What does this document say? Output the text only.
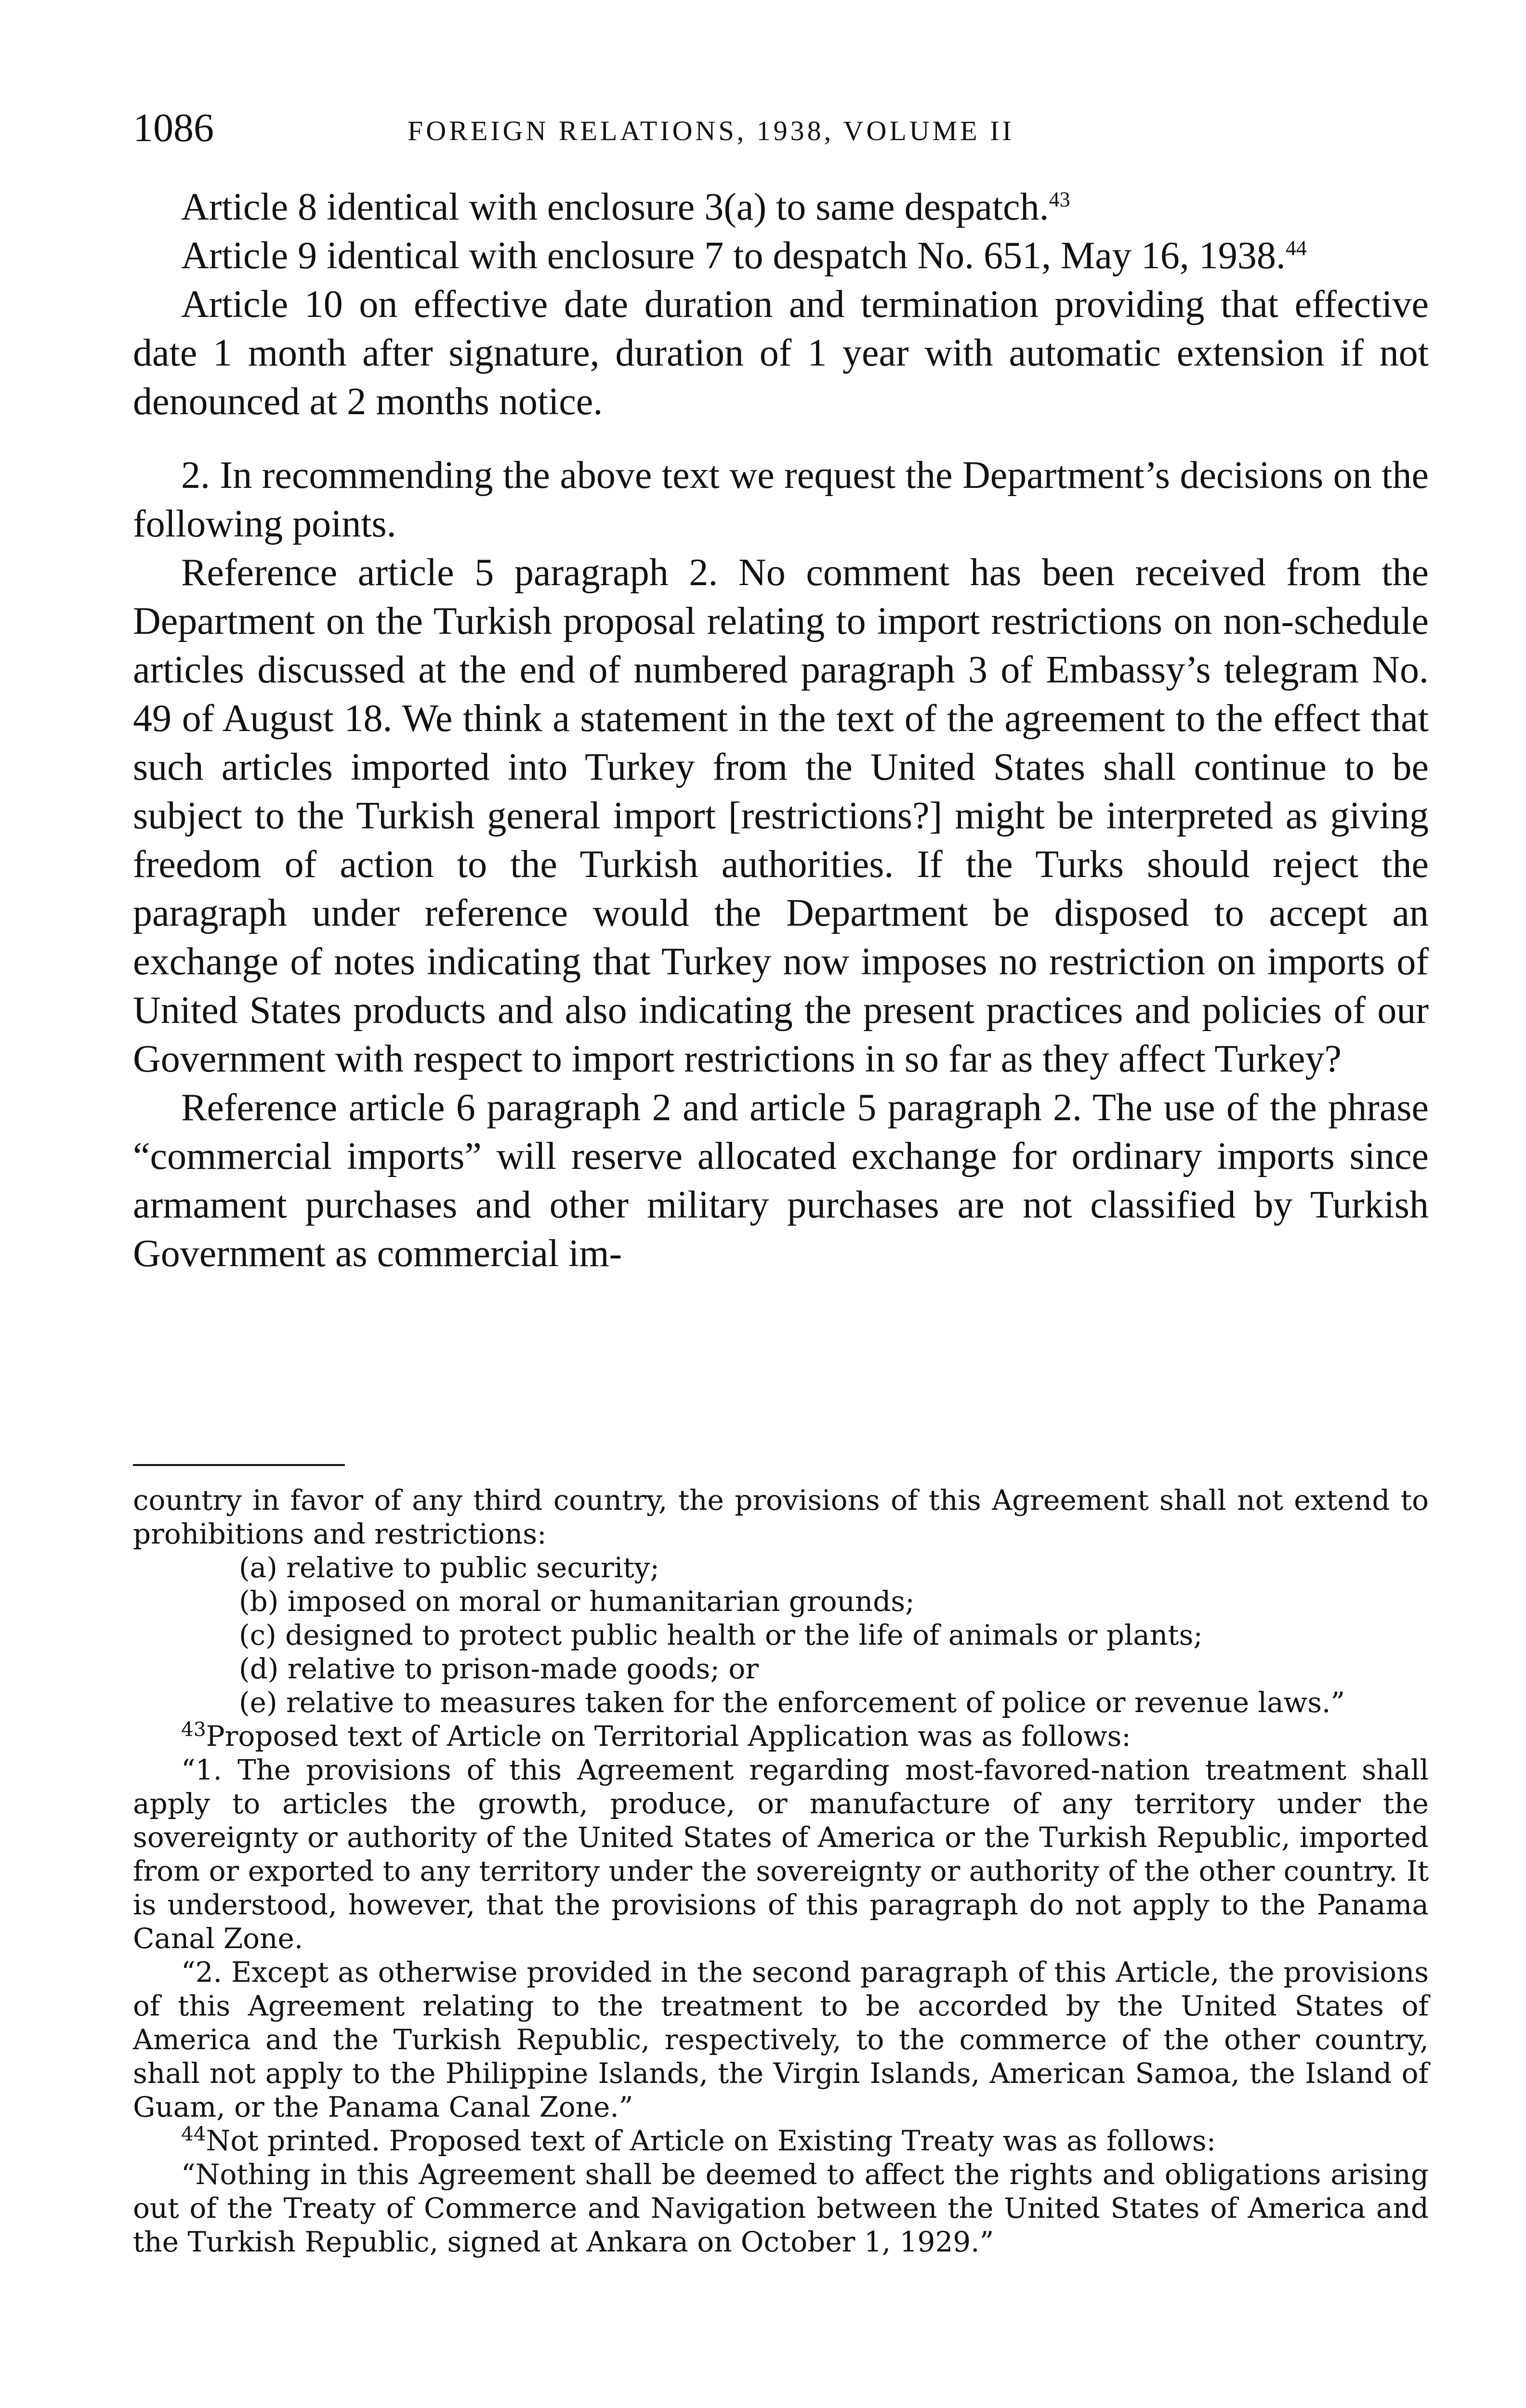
1086	FOREIGN RELATIONS, 1938, VOLUME II

Article 8 identical with enclosure 3(a) to same despatch.$^{43}$

Article 9 identical with enclosure 7 to despatch No. 651, May 16, 1938.44

Article 10 on effective date duration and termination providing that effective date 1 month after signature, duration of 1 year with automatic extension if not denounced at 2 months notice.

2. In recommending the above text we request the Department’s decisions on the following points.

Reference article 5 paragraph 2. No comment has been received from the Department on the Turkish proposal relating to import restrictions on non-schedule articles discussed at the end of numbered paragraph 3 of Embassy’s telegram No. 49 of August 18. We think a statement in the text of the agreement to the effect that such articles imported into Turkey from the United States shall continue to be subject to the Turkish general import [restrictions?] might be interpreted as giving freedom of action to the Turkish authorities. If the Turks should reject the paragraph under reference would the Department be disposed to accept an exchange of notes indicating that Turkey now imposes no restriction on imports of United States products and also indicating the present practices and policies of our Government with respect to import restrictions in so far as they affect Turkey?

Reference article 6 paragraph 2 and article 5 paragraph 2. The use of the phrase “commercial imports” will reserve allocated exchange for ordinary imports since armament purchases and other military purchases are not classified by Turkish Government as commercial im-

country in favor of any third country, the provisions of this Agreement shall not extend to prohibitions and restrictions:

(a) relative to public security;

(b) imposed on moral or humanitarian grounds;

(c) designed to protect public health or the life of animals or plants;

(d) relative to prison-made goods; or

(e) relative to measures taken for the enforcement of police or revenue laws.”

$^{43}$Proposed text of Article on Territorial Application was as follows:

“1. The provisions of this Agreement regarding most-favored-nation treatment shall apply to articles the growth, produce, or manufacture of any territory under the sovereignty or authority of the United States of America or the Turkish Republic, imported from or exported to any territory under the sovereignty or authority of the other country. It is understood, however, that the provisions of this paragraph do not apply to the Panama Canal Zone.

“2. Except as otherwise provided in the second paragraph of this Article, the provisions of this Agreement relating to the treatment to be accorded by the United States of America and the Turkish Republic, respectively, to the commerce of the other country, shall not apply to the Philippine Islands, the Virgin Islands, American Samoa, the Island of Guam, or the Panama Canal Zone.”

$^{44}$Not printed. Proposed text of Article on Existing Treaty was as follows:

“Nothing in this Agreement shall be deemed to affect the rights and obligations arising out of the Treaty of Commerce and Navigation between the United States of America and the Turkish Republic, signed at Ankara on October 1, 1929.”
